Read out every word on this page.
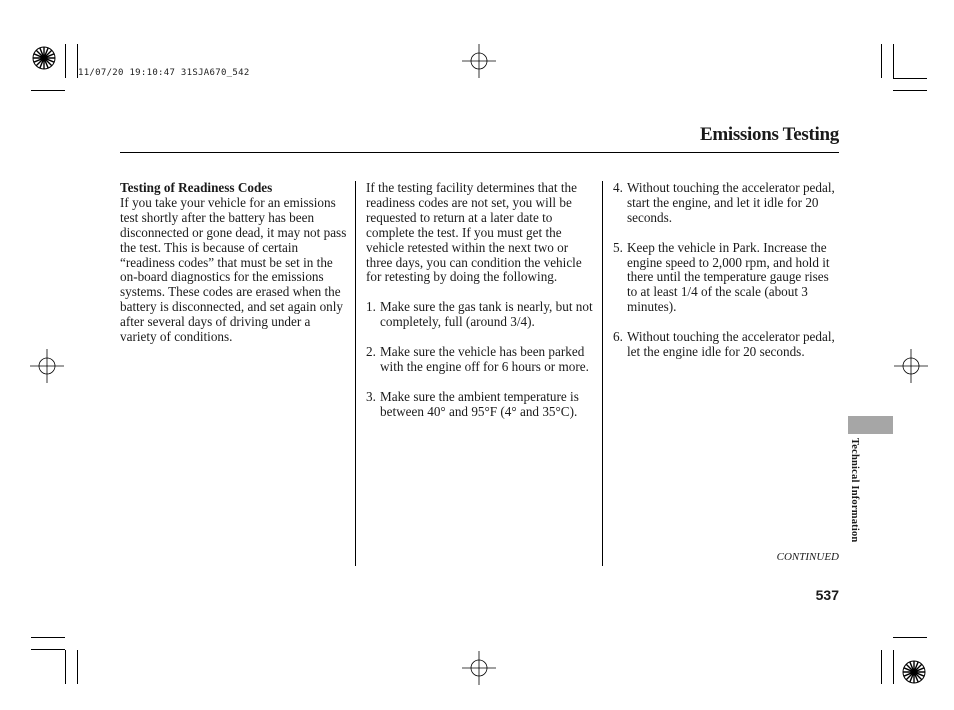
11/07/20 19:10:47 31SJA670_542
Emissions Testing
Testing of Readiness Codes

If you take your vehicle for an emissions test shortly after the battery has been disconnected or gone dead, it may not pass the test. This is because of certain “readiness codes” that must be set in the on-board diagnostics for the emissions systems. These codes are erased when the battery is disconnected, and set again only after several days of driving under a variety of conditions.

If the testing facility determines that the readiness codes are not set, you will be requested to return at a later date to complete the test. If you must get the vehicle retested within the next two or three days, you can condition the vehicle for retesting by doing the following.

1. Make sure the gas tank is nearly, but not completely, full (around 3/4).
2. Make sure the vehicle has been parked with the engine off for 6 hours or more.
3. Make sure the ambient temperature is between 40° and 95°F (4° and 35°C).
4. Without touching the accelerator pedal, start the engine, and let it idle for 20 seconds.
5. Keep the vehicle in Park. Increase the engine speed to 2,000 rpm, and hold it there until the temperature gauge rises to at least 1/4 of the scale (about 3 minutes).
6. Without touching the accelerator pedal, let the engine idle for 20 seconds.
Technical Information
CONTINUED
537
